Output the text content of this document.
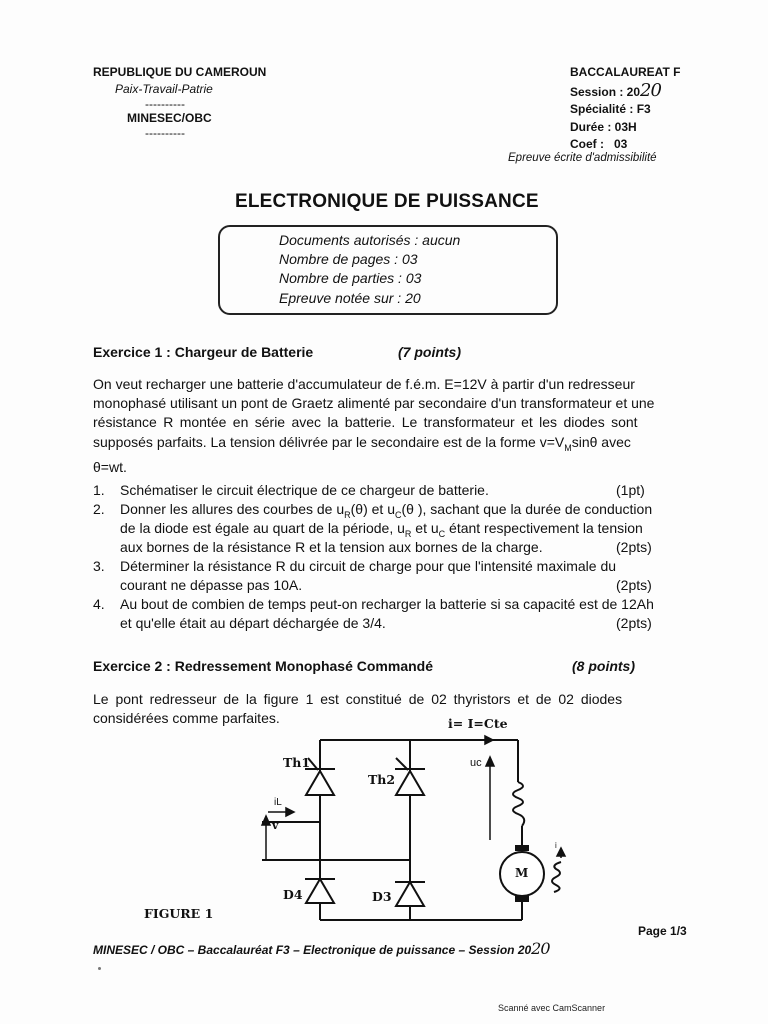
REPUBLIQUE DU CAMEROUN
Paix-Travail-Patrie
----------
MINESEC/OBC
----------
BACCALAUREAT F
Session : 2020
Spécialité : F3
Durée : 03H
Coef :   03
Epreuve écrite d'admissibilité
ELECTRONIQUE DE PUISSANCE
Documents autorisés : aucun
Nombre de pages : 03
Nombre de parties : 03
Epreuve notée sur : 20
Exercice 1 : Chargeur de Batterie	(7 points)
On veut recharger une batterie d'accumulateur de f.é.m. E=12V à partir d'un redresseur
monophasé utilisant un pont de Graetz alimenté par secondaire d'un transformateur et une
résistance R montée en série avec la batterie. Le transformateur et les diodes sont
supposés parfaits. La tension délivrée par le secondaire est de la forme $v=V_M\sin\theta$ avec
θ=wt.
1. Schématiser le circuit électrique de ce chargeur de batterie.	(1pt)
2. Donner les allures des courbes de $u_R(\theta)$ et $u_C(\theta$ ), sachant que la durée de conduction
de la diode est égale au quart de la période, $u_R$ et $u_C$ étant respectivement la tension
aux bornes de la résistance R et la tension aux bornes de la charge.	(2pts)
3. Déterminer la résistance R du circuit de charge pour que l'intensité maximale du
courant ne dépasse pas 10A.	(2pts)
4. Au bout de combien de temps peut-on recharger la batterie si sa capacité est de 12Ah
et qu'elle était au départ déchargée de 3/4.	(2pts)
Exercice 2 : Redressement Monophasé Commandé	(8 points)
Le pont redresseur de la figure 1 est constitué de 02 thyristors et de 02 diodes
considérées comme parfaites.	i= I=Cte
Th1
Th2
uc
iL
v
D4	D3
M
i
FIGURE 1
Page 1/3
MINESEC / OBC – Baccalauréat F3 – Electronique de puissance – Session 2020
Scanné avec CamScanner
